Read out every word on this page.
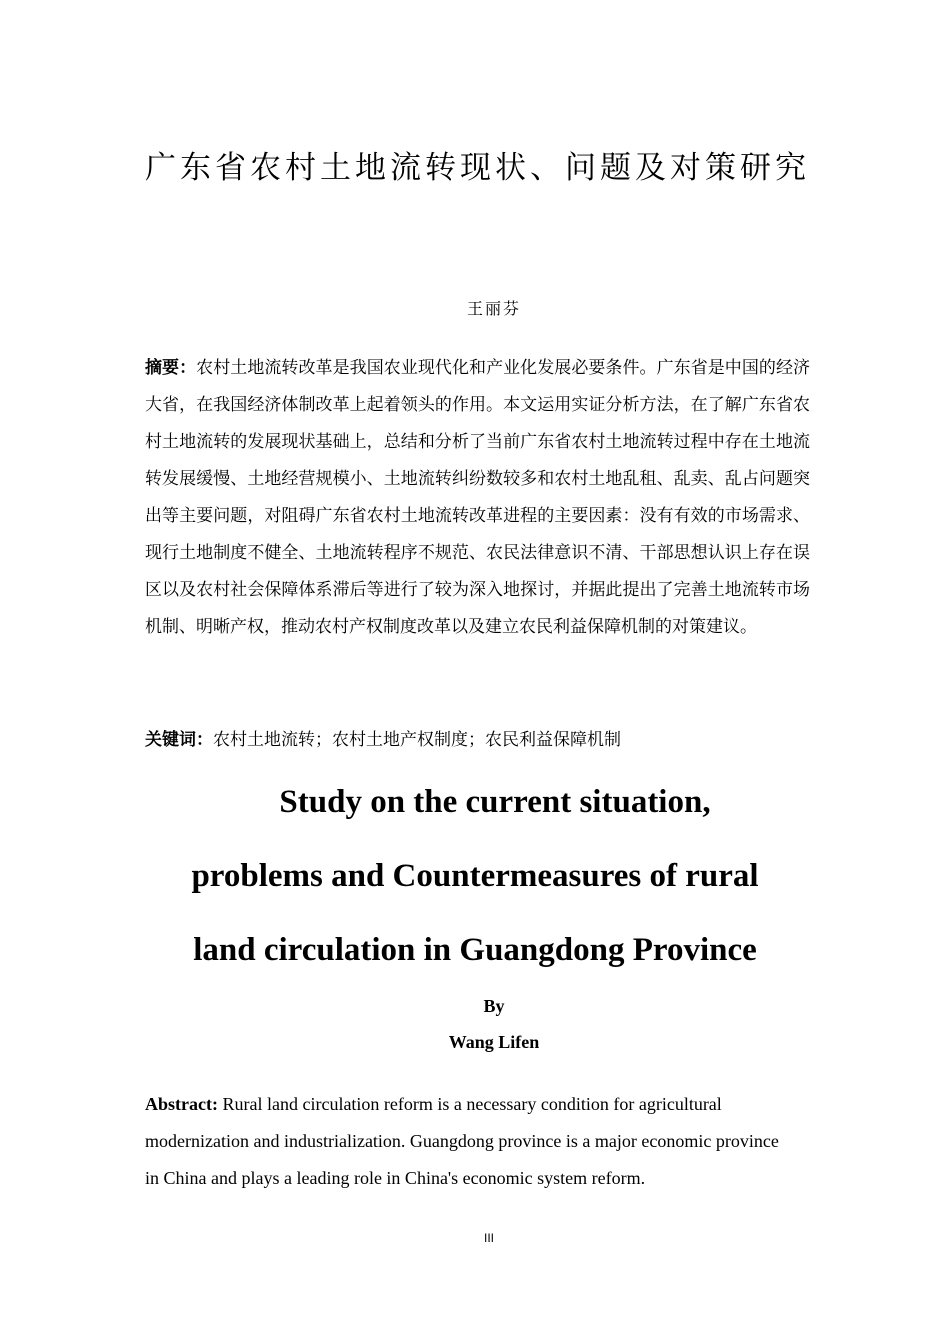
广东省农村土地流转现状、问题及对策研究
王丽芬
摘要：农村土地流转改革是我国农业现代化和产业化发展必要条件。广东省是中国的经济大省，在我国经济体制改革上起着领头的作用。本文运用实证分析方法，在了解广东省农村土地流转的发展现状基础上，总结和分析了当前广东省农村土地流转过程中存在土地流转发展缓慢、土地经营规模小、土地流转纠纷数较多和农村土地乱租、乱卖、乱占问题突出等主要问题，对阻碍广东省农村土地流转改革进程的主要因素：没有有效的市场需求、现行土地制度不健全、土地流转程序不规范、农民法律意识不清、干部思想认识上存在误区以及农村社会保障体系滞后等进行了较为深入地探讨，并据此提出了完善土地流转市场机制、明晰产权，推动农村产权制度改革以及建立农民利益保障机制的对策建议。
关键词：农村土地流转；农村土地产权制度；农民利益保障机制
Study on the current situation,
problems and Countermeasures of rural
land circulation in Guangdong Province
By
Wang Lifen
Abstract: Rural land circulation reform is a necessary condition for agricultural modernization and industrialization. Guangdong province is a major economic province in China and plays a leading role in China's economic system reform.
III
